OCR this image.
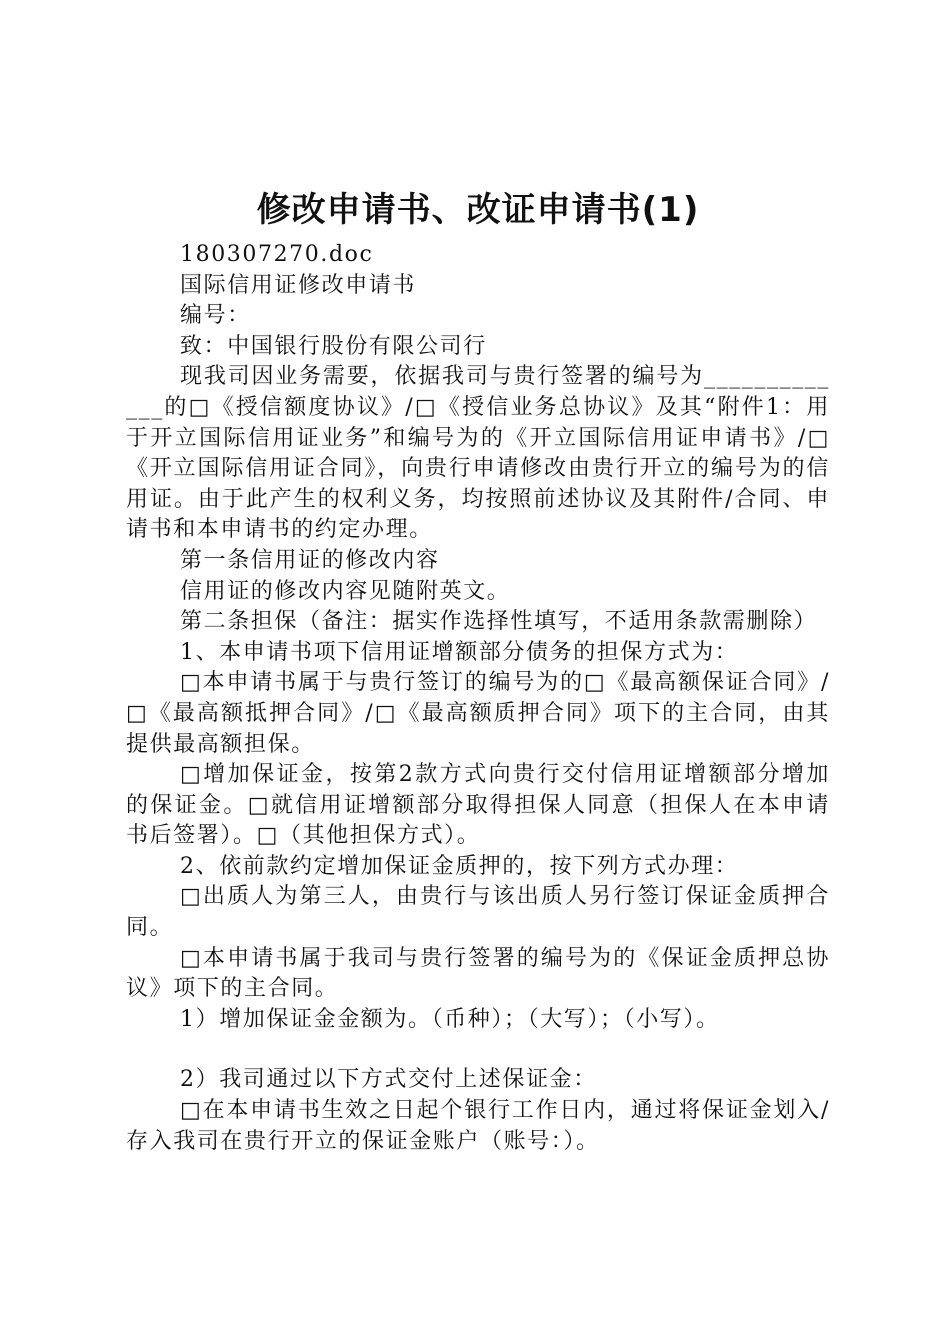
修改申请书、改证申请书(1)

180307270.doc

国际信用证修改申请书

编号：

致：中国银行股份有限公司行

现我司因业务需要，依据我司与贵行签署的编号为_____________的□《授信额度协议》/□《授信业务总协议》及其“附件1：用于开立国际信用证业务”和编号为的《开立国际信用证申请书》/□《开立国际信用证合同》，向贵行申请修改由贵行开立的编号为的信用证。由于此产生的权利义务，均按照前述协议及其附件/合同、申请书和本申请书的约定办理。

第一条信用证的修改内容

信用证的修改内容见随附英文。

第二条担保（备注：据实作选择性填写，不适用条款需删除）

1、本申请书项下信用证增额部分债务的担保方式为：

□本申请书属于与贵行签订的编号为的□《最高额保证合同》/□《最高额抵押合同》/□《最高额质押合同》项下的主合同，由其提供最高额担保。

□增加保证金，按第2款方式向贵行交付信用证增额部分增加的保证金。□就信用证增额部分取得担保人同意（担保人在本申请书后签署）。□（其他担保方式）。

2、依前款约定增加保证金质押的，按下列方式办理：

□出质人为第三人，由贵行与该出质人另行签订保证金质押合同。

□本申请书属于我司与贵行签署的编号为的《保证金质押总协议》项下的主合同。

1）增加保证金金额为。（币种）；（大写）；（小写）。

2）我司通过以下方式交付上述保证金：

□在本申请书生效之日起个银行工作日内，通过将保证金划入/存入我司在贵行开立的保证金账户（账号：）。
